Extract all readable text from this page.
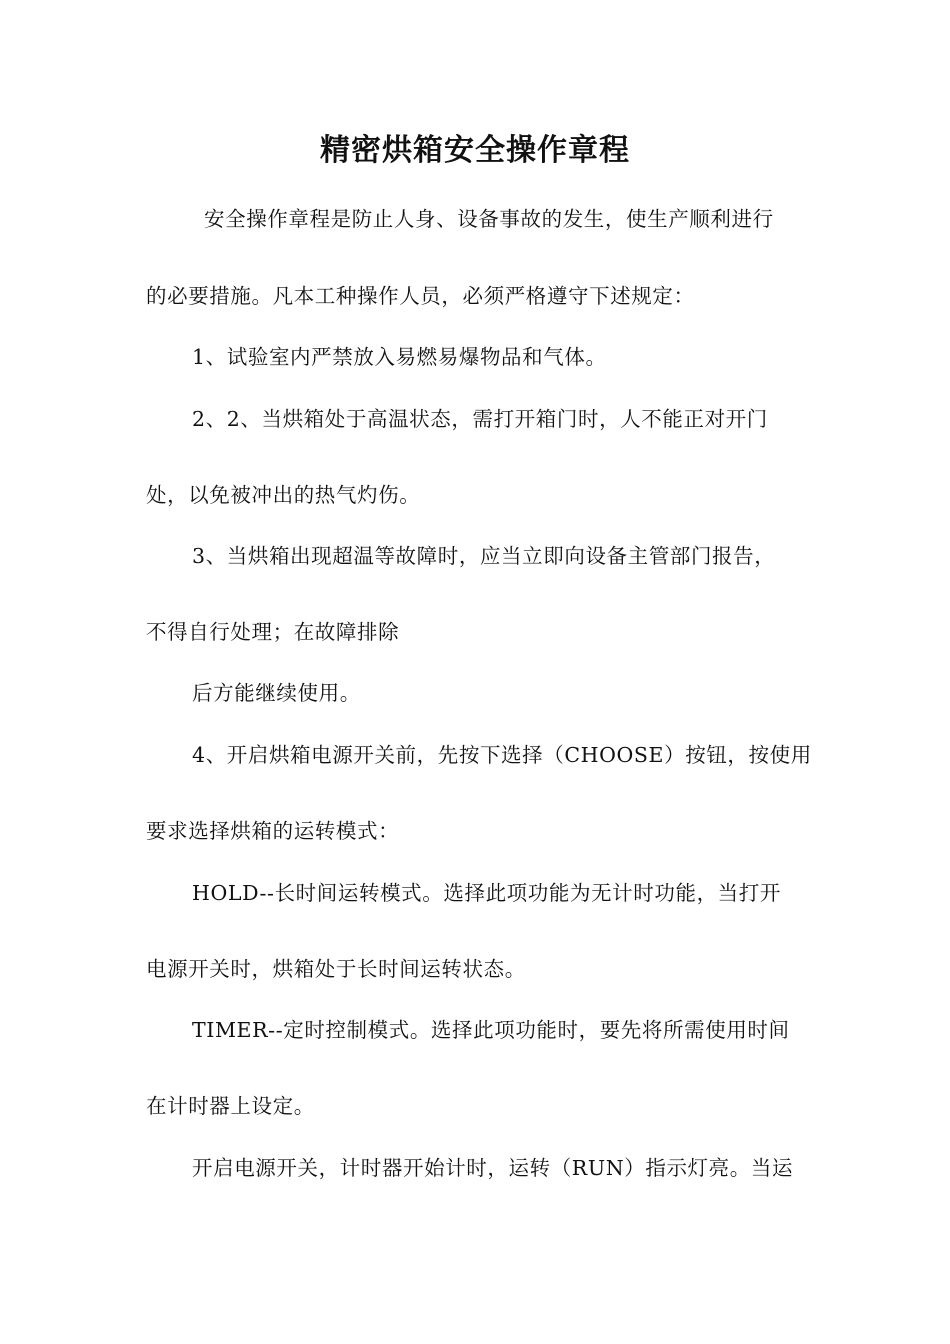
精密烘箱安全操作章程
安全操作章程是防止人身、设备事故的发生，使生产顺利进行
的必要措施。凡本工种操作人员，必须严格遵守下述规定：
1、试验室内严禁放入易燃易爆物品和气体。
2、2、当烘箱处于高温状态，需打开箱门时，人不能正对开门
处，以免被冲出的热气灼伤。
3、当烘箱出现超温等故障时，应当立即向设备主管部门报告，
不得自行处理；在故障排除
后方能继续使用。
4、开启烘箱电源开关前，先按下选择（CHOOSE）按钮，按使用
要求选择烘箱的运转模式：
HOLD--长时间运转模式。选择此项功能为无计时功能，当打开
电源开关时，烘箱处于长时间运转状态。
TIMER--定时控制模式。选择此项功能时，要先将所需使用时间
在计时器上设定。
开启电源开关，计时器开始计时，运转（RUN）指示灯亮。当运
